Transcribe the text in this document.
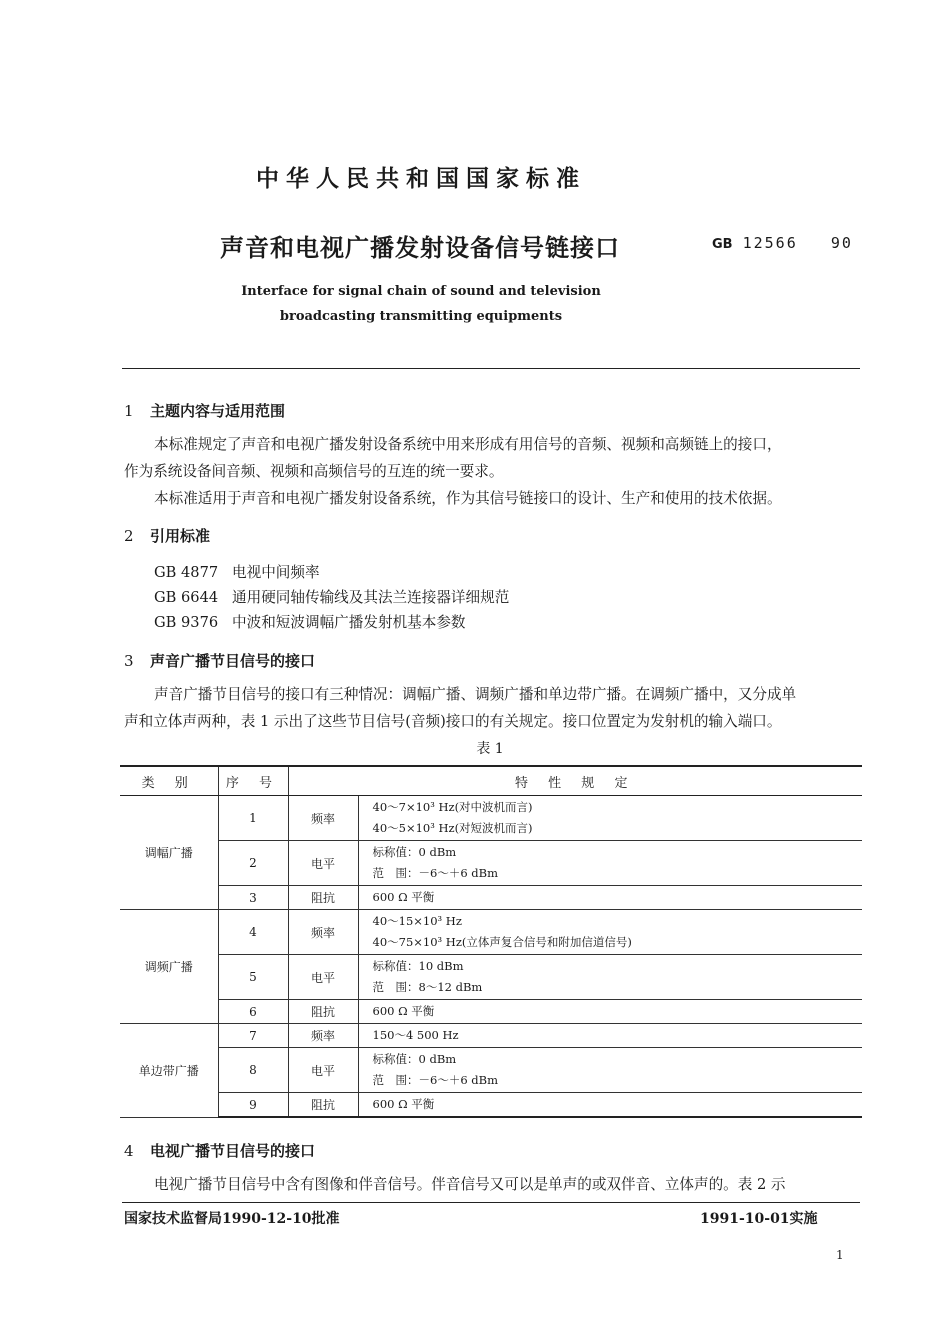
中华人民共和国国家标准
声音和电视广播发射设备信号链接口	GB 12566 90
Interface for signal chain of sound and television
broadcasting transmitting equipments
1 主题内容与适用范围
本标准规定了声音和电视广播发射设备系统中用来形成有用信号的音频、视频和高频链上的接口，
作为系统设备间音频、视频和高频信号的互连的统一要求。
本标准适用于声音和电视广播发射设备系统，作为其信号链接口的设计、生产和使用的技术依据。
2 引用标准
GB 4877 电视中间频率
GB 6644 通用硬同轴传输线及其法兰连接器详细规范
GB 9376 中波和短波调幅广播发射机基本参数
3 声音广播节目信号的接口
声音广播节目信号的接口有三种情况：调幅广播、调频广播和单边带广播。在调频广播中，又分成单
声和立体声两种，表 1 示出了这些节目信号(音频)接口的有关规定。接口位置定为发射机的输入端口。
表 1
类 别	序 号	特 性 规 定	
调幅广播	1	频率	40～7×10³ Hz(对中波机而言)
40～5×10³ Hz(对短波机而言)

	2	电平	标称值：0 dBm
范　围：－6～＋6 dBm

	3	阻抗	600 Ω 平衡

调频广播	4	频率	40～15×10³ Hz
40～75×10³ Hz(立体声复合信号和附加信道信号)

	5	电平	标称值：10 dBm
范　围：8～12 dBm

	6	阻抗	600 Ω 平衡

单边带广播	7	频率	150～4 500 Hz

	8	电平	标称值：0 dBm
范　围：－6～＋6 dBm

	9	阻抗	600 Ω 平衡
4 电视广播节目信号的接口
电视广播节目信号中含有图像和伴音信号。伴音信号又可以是单声的或双伴音、立体声的。表 2 示
国家技术监督局1990-12-10批准	1991-10-01实施
1
